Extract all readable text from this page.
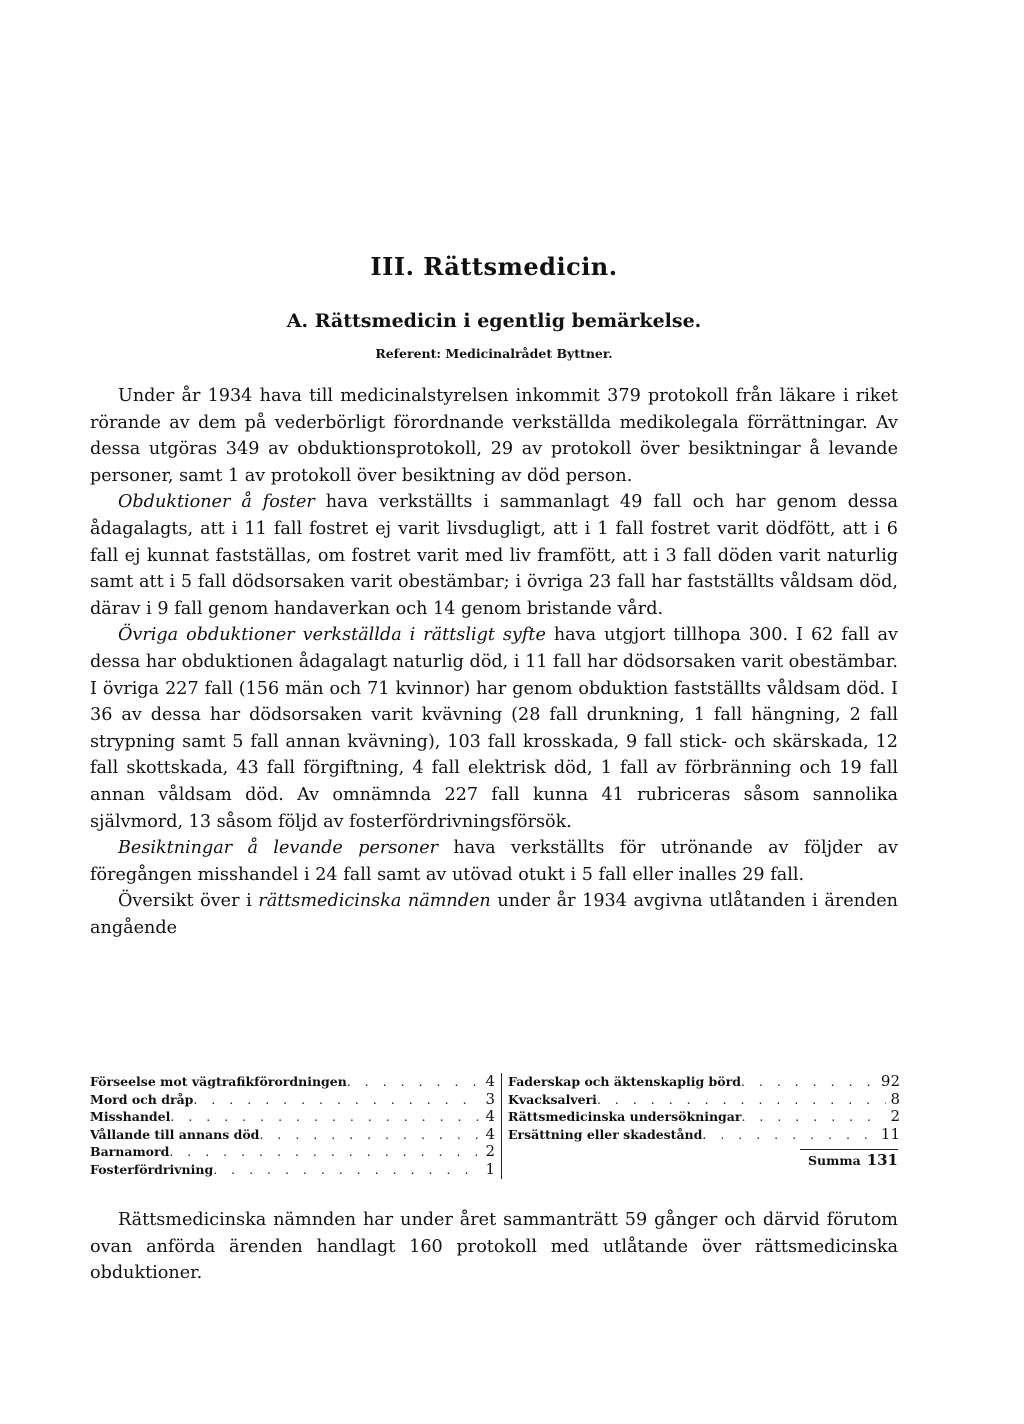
III. Rättsmedicin.
A. Rättsmedicin i egentlig bemärkelse.
Referent: Medicinalrådet Byttner.

Under år 1934 hava till medicinalstyrelsen inkommit 379 protokoll från läkare i riket rörande av dem på vederbörligt förordnande verkställda medikolegala förrättningar. Av dessa utgöras 349 av obduktionsprotokoll, 29 av protokoll över besiktningar å levande personer, samt 1 av protokoll över besiktning av död person.

Obduktioner å foster hava verkställts i sammanlagt 49 fall och har genom dessa ådagalagts, att i 11 fall fostret ej varit livsdugligt, att i 1 fall fostret varit dödfött, att i 6 fall ej kunnat fastställas, om fostret varit med liv framfött, att i 3 fall döden varit naturlig samt att i 5 fall dödsorsaken varit obestämbar; i övriga 23 fall har fastställts våldsam död, därav i 9 fall genom handaverkan och 14 genom bristande vård.

Övriga obduktioner verkställda i rättsligt syfte hava utgjort tillhopa 300. I 62 fall av dessa har obduktionen ådagalagt naturlig död, i 11 fall har dödsorsaken varit obestämbar. I övriga 227 fall (156 män och 71 kvinnor) har genom obduktion fastställts våldsam död. I 36 av dessa har dödsorsaken varit kvävning (28 fall drunkning, 1 fall hängning, 2 fall strypning samt 5 fall annan kvävning), 103 fall krosskada, 9 fall stick- och skärskada, 12 fall skottskada, 43 fall förgiftning, 4 fall elektrisk död, 1 fall av förbränning och 19 fall annan våldsam död. Av omnämnda 227 fall kunna 41 rubriceras såsom sannolika självmord, 13 såsom följd av fosterfördrivningsförsök.

Besiktningar å levande personer hava verkställts för utrönande av följder av föregången misshandel i 24 fall samt av utövad otukt i 5 fall eller inalles 29 fall.

Översikt över i rättsmedicinska nämnden under år 1934 avgivna utlåtanden i ärenden angående

Förseelse mot vägtrafikförordningen . . .	4
Mord och dråp . . .	3
Misshandel . . .	4
Vållande till annans död . . .	4
Barnamord . . .	2
Fosterfördrivning . . .	1
Faderskap och äktenskaplig börd . . .	92
Kvacksalveri . . .	8
Rättsmedicinska undersökningar . . .	2
Ersättning eller skadestånd . . .	11
Summa 131

Rättsmedicinska nämnden har under året sammanträtt 59 gånger och därvid förutom ovan anförda ärenden handlagt 160 protokoll med utlåtande över rättsmedicinska obduktioner.
